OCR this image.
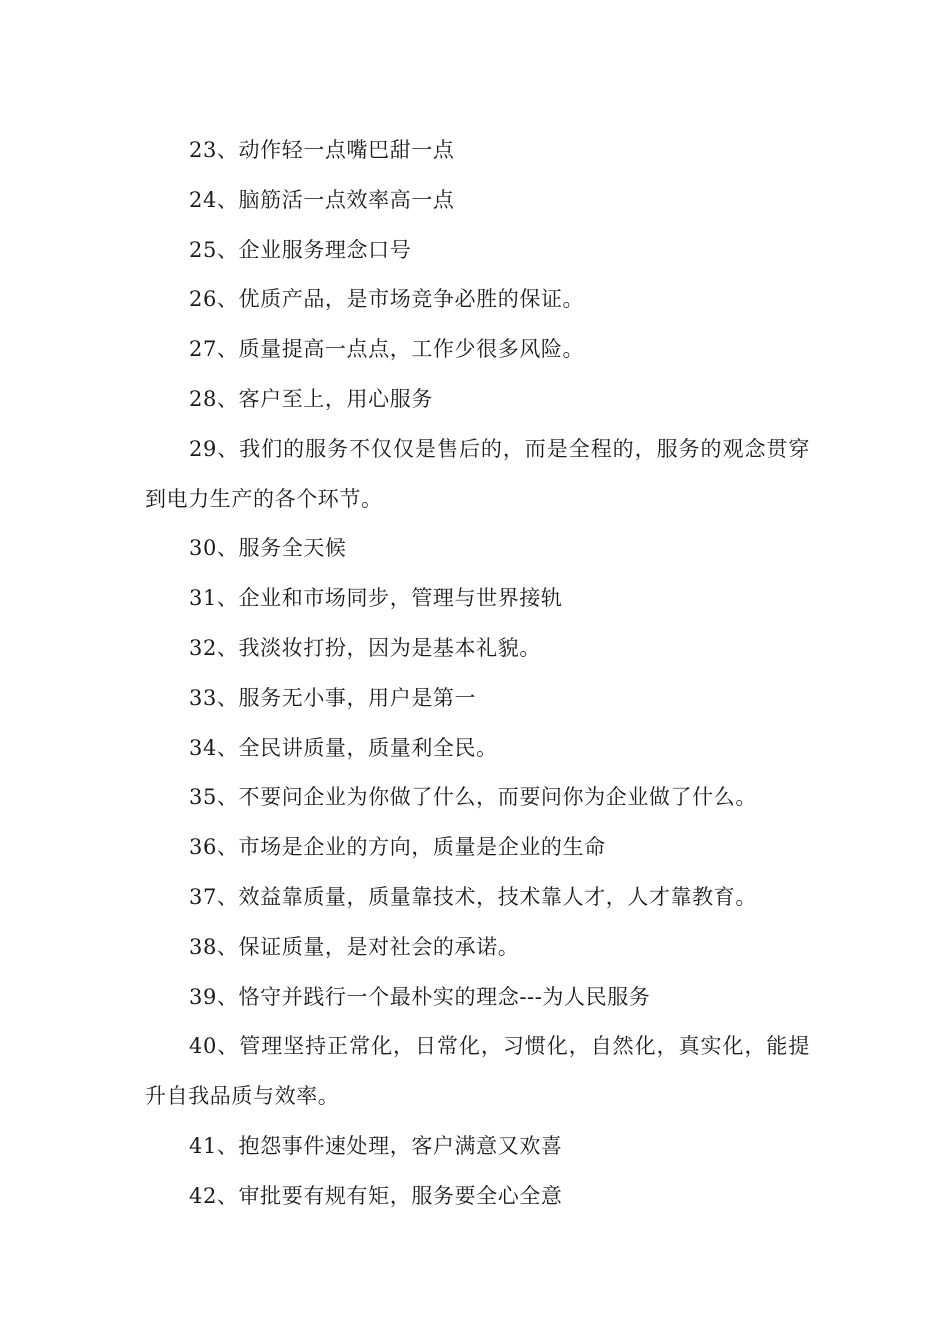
23、动作轻一点嘴巴甜一点

24、脑筋活一点效率高一点

25、企业服务理念口号

26、优质产品，是市场竞争必胜的保证。

27、质量提高一点点，工作少很多风险。

28、客户至上，用心服务

29、我们的服务不仅仅是售后的，而是全程的，服务的观念贯穿到电力生产的各个环节。

30、服务全天候

31、企业和市场同步，管理与世界接轨

32、我淡妆打扮，因为是基本礼貌。

33、服务无小事，用户是第一

34、全民讲质量，质量利全民。

35、不要问企业为你做了什么，而要问你为企业做了什么。

36、市场是企业的方向，质量是企业的生命

37、效益靠质量，质量靠技术，技术靠人才，人才靠教育。

38、保证质量，是对社会的承诺。

39、恪守并践行一个最朴实的理念---为人民服务

40、管理坚持正常化，日常化，习惯化，自然化，真实化，能提升自我品质与效率。

41、抱怨事件速处理，客户满意又欢喜

42、审批要有规有矩，服务要全心全意
